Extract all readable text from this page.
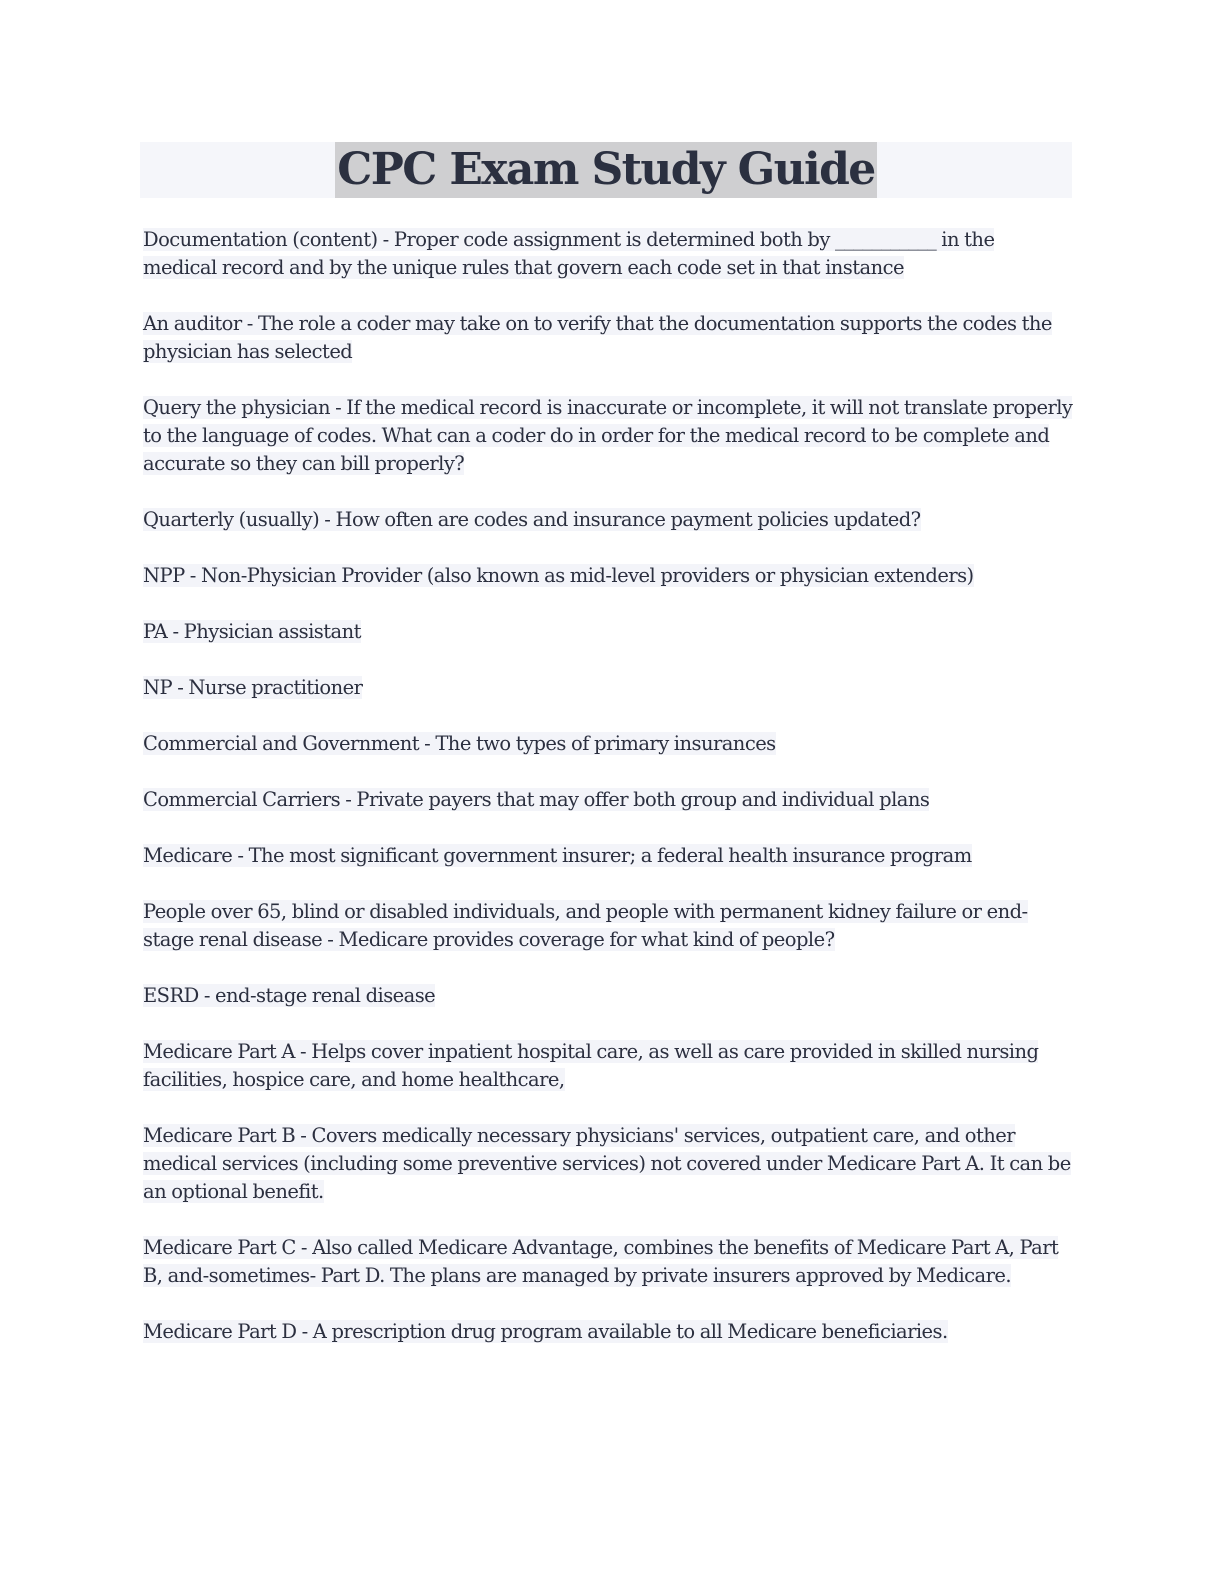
CPC Exam Study Guide
Documentation (content) - Proper code assignment is determined both by ___________ in the medical record and by the unique rules that govern each code set in that instance
An auditor - The role a coder may take on to verify that the documentation supports the codes the physician has selected
Query the physician - If the medical record is inaccurate or incomplete, it will not translate properly to the language of codes. What can a coder do in order for the medical record to be complete and accurate so they can bill properly?
Quarterly (usually) - How often are codes and insurance payment policies updated?
NPP - Non-Physician Provider (also known as mid-level providers or physician extenders)
PA - Physician assistant
NP - Nurse practitioner
Commercial and Government - The two types of primary insurances
Commercial Carriers - Private payers that may offer both group and individual plans
Medicare - The most significant government insurer; a federal health insurance program
People over 65, blind or disabled individuals, and people with permanent kidney failure or end-stage renal disease - Medicare provides coverage for what kind of people?
ESRD - end-stage renal disease
Medicare Part A - Helps cover inpatient hospital care, as well as care provided in skilled nursing facilities, hospice care, and home healthcare,
Medicare Part B - Covers medically necessary physicians' services, outpatient care, and other medical services (including some preventive services) not covered under Medicare Part A. It can be an optional benefit.
Medicare Part C - Also called Medicare Advantage, combines the benefits of Medicare Part A, Part B, and-sometimes- Part D. The plans are managed by private insurers approved by Medicare.
Medicare Part D - A prescription drug program available to all Medicare beneficiaries.
